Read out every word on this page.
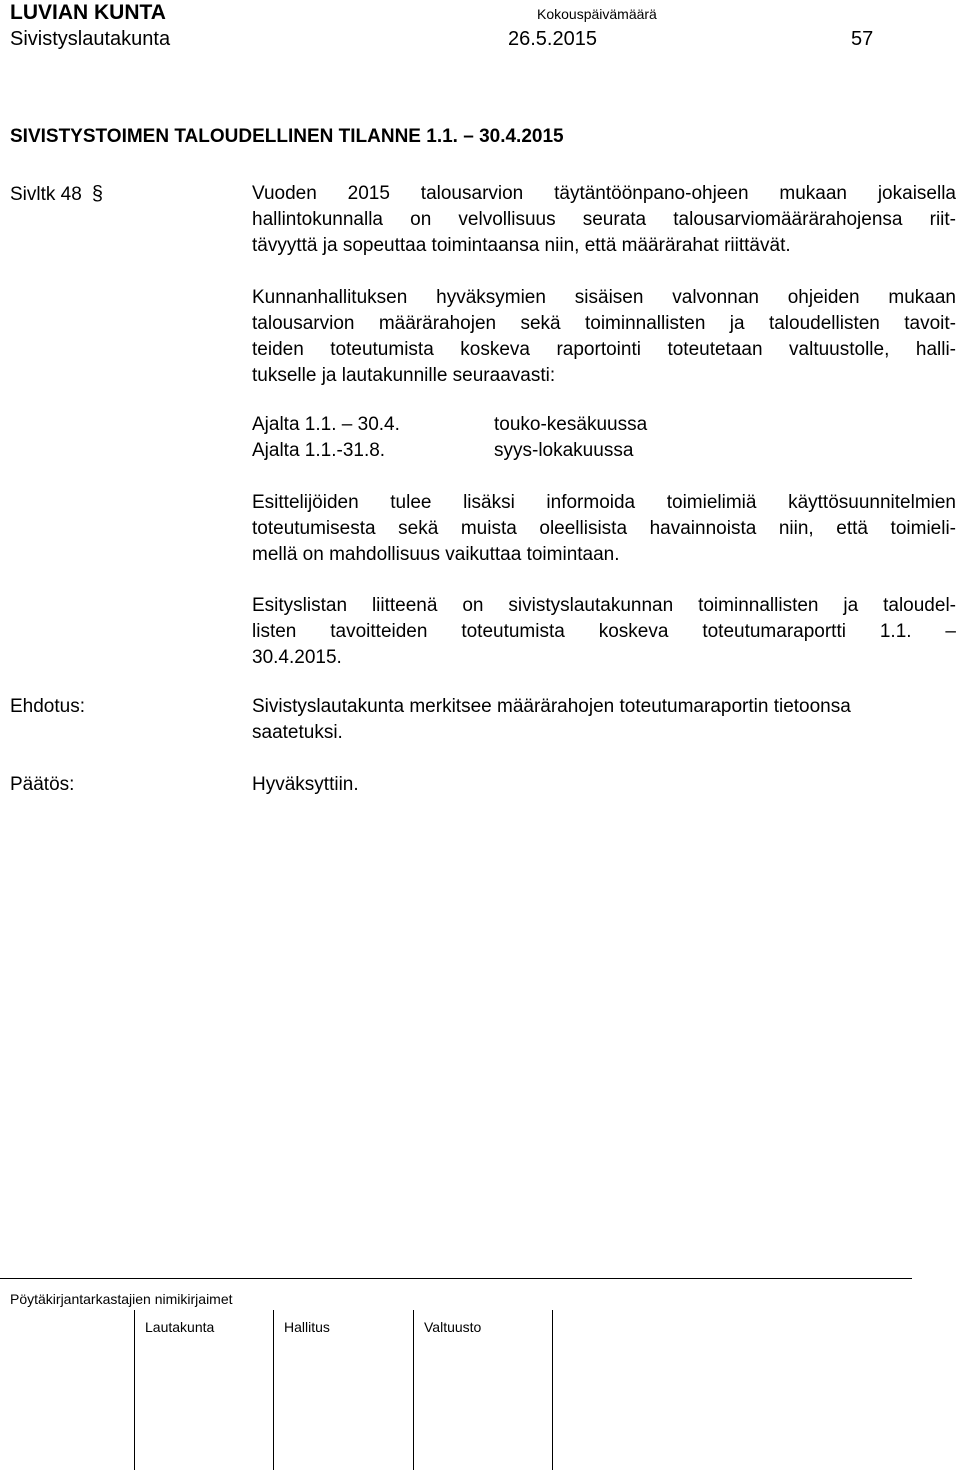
LUVIAN KUNTA
Sivistyslautakunta
Kokouspäivämäärä
26.5.2015	57
SIVISTYSTOIMEN TALOUDELLINEN TILANNE 1.1. – 30.4.2015
Sivltk 48 §	Vuoden 2015 talousarvion täytäntöönpano-ohjeen mukaan jokaisella
hallintokunnalla on velvollisuus seurata talousarviomäärärahojensa riit-
tävyyttä ja sopeuttaa toimintaansa niin, että määrärahat riittävät.
Kunnanhallituksen hyväksymien sisäisen valvonnan ohjeiden mukaan
talousarvion määrärahojen sekä toiminnallisten ja taloudellisten tavoit-
teiden toteutumista koskeva raportointi toteutetaan valtuustolle, halli-
tukselle ja lautakunnille seuraavasti:
Ajalta 1.1. – 30.4.	touko-kesäkuussa
Ajalta 1.1.-31.8.	syys-lokakuussa
Esittelijöiden tulee lisäksi informoida toimielimiä käyttösuunnitelmien
toteutumisesta sekä muista oleellisista havainnoista niin, että toimieli-
mellä on mahdollisuus vaikuttaa toimintaan.
Esityslistan liitteenä on sivistyslautakunnan toiminnallisten ja taloudel-
listen tavoitteiden toteutumista koskeva toteutumaraportti 1.1. –
30.4.2015.
Ehdotus:	Sivistyslautakunta merkitsee määrärahojen toteutumaraportin tietoonsa
saatetuksi.
Päätös:	Hyväksyttiin.
Pöytäkirjantarkastajien nimikirjaimet
Lautakunta	Hallitus	Valtuusto
